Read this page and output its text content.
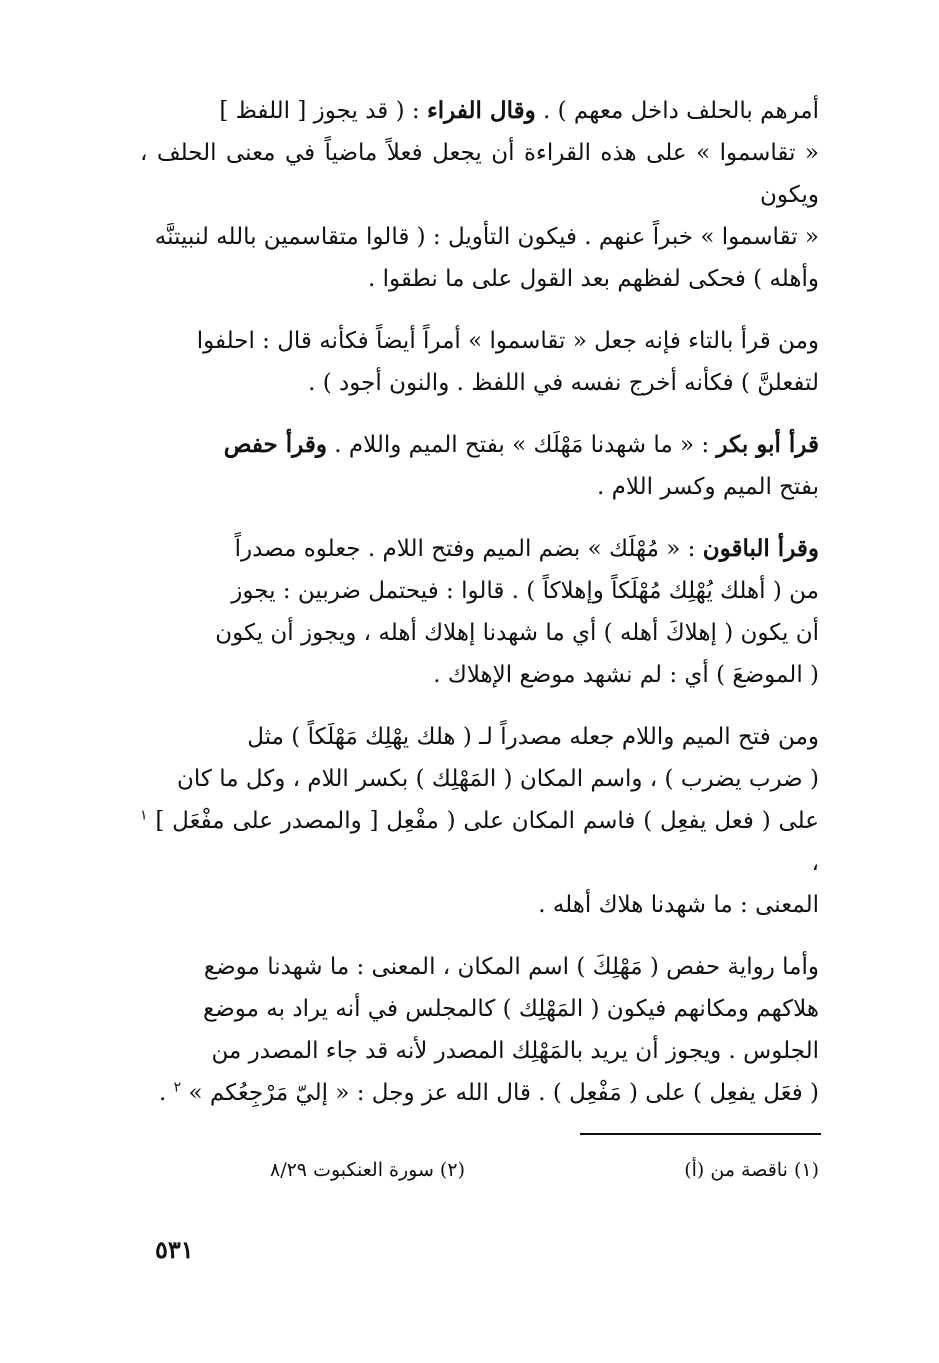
أمرهم بالحلف داخل معهم ) . وقال الفراء : ( قد يجوز [ اللفظ ]
« تقاسموا » على هذه القراءة أن يجعل فعلاً ماضياً في معنى الحلف ، ويكون
« تقاسموا » خبراً عنهم . فيكون التأويل : ( قالوا متقاسمين بالله لنبيتنَّه
وأهله ) فحكى لفظهم بعد القول على ما نطقوا .

ومن قرأ بالتاء فإنه جعل « تقاسموا » أمراً أيضاً فكأنه قال : احلفوا
لتفعلنَّ ) فكأنه أخرج نفسه في اللفظ . والنون أجود ) .

قرأ أبو بكر : « ما شهدنا مَهْلَك » بفتح الميم واللام . وقرأ حفص
بفتح الميم وكسر اللام .

وقرأ الباقون : « مُهْلَك » بضم الميم وفتح اللام . جعلوه مصدراً
من ( أهلك يُهْلِك مُهْلَكاً وإهلاكاً ) . قالوا : فيحتمل ضربين : يجوز
أن يكون ( إهلاكَ أهله ) أي ما شهدنا إهلاك أهله ، ويجوز أن يكون
( الموضعَ ) أي : لم نشهد موضع الإهلاك .

ومن فتح الميم واللام جعله مصدراً لـ ( هلك يهْلِك مَهْلَكاً ) مثل
( ضرب يضرب ) ، واسم المكان ( المَهْلِك ) بكسر اللام ، وكل ما كان
على ( فعل يفعِل ) فاسم المكان على ( مفْعِل [ والمصدر على مفْعَل ] $^١$ ،
المعنى : ما شهدنا هلاك أهله .

وأما رواية حفص ( مَهْلِكَ ) اسم المكان ، المعنى : ما شهدنا موضع
هلاكهم ومكانهم فيكون ( المَهْلِك ) كالمجلس في أنه يراد به موضع
الجلوس . ويجوز أن يريد بالمَهْلِك المصدر لأنه قد جاء المصدر من
( فعَل يفعِل ) على ( مَفْعِل ) . قال الله عز وجل : « إليّ مَرْجِعُكم » $^٢$ .

(١) ناقصة من (أ)
(٢) سورة العنكبوت ٨/٢٩
٥٣١
